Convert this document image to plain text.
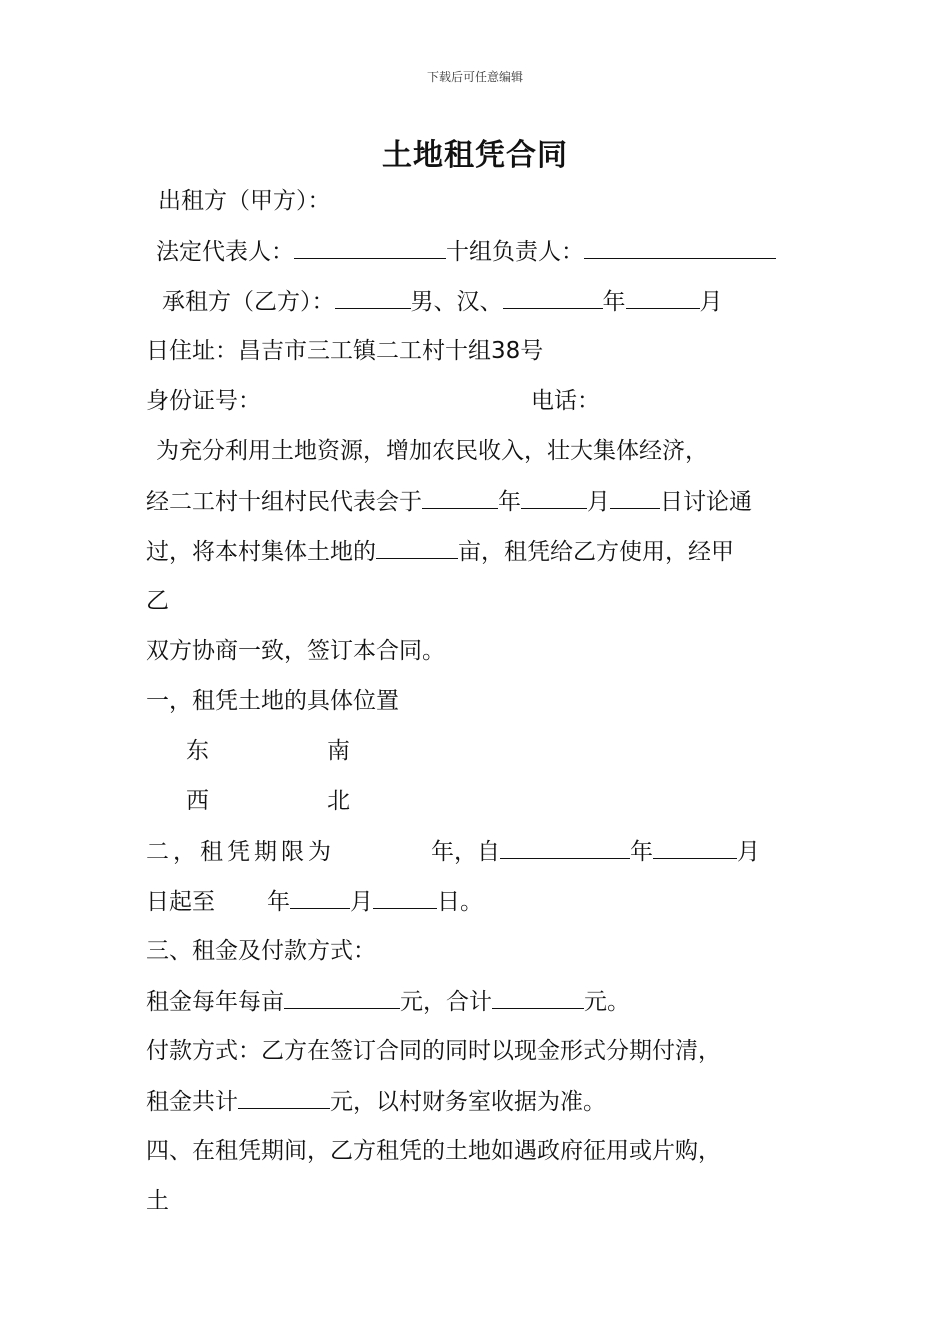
下载后可任意编辑
土地租凭合同
出租方（甲方）：
法定代表人：	十组负责人：
承租方（乙方）：	男、汉、	年	月
日住址：昌吉市三工镇二工村十组38号
身份证号：	电话：
为充分利用土地资源，增加农民收入，壮大集体经济，
经二工村十组村民代表会于	年	月 日讨论通
过，将本村集体土地的	亩，租凭给乙方使用，经甲
乙
双方协商一致，签订本合同。
一，租凭土地的具体位置
东	南
西	北
二，租凭期限为	年，自	年	月
日起至 年	月	日。
三、租金及付款方式：
租金每年每亩	元，合计	元。
付款方式：乙方在签订合同的同时以现金形式分期付清，
租金共计	元，以村财务室收据为准。
四、在租凭期间，乙方租凭的土地如遇政府征用或片购，
土
